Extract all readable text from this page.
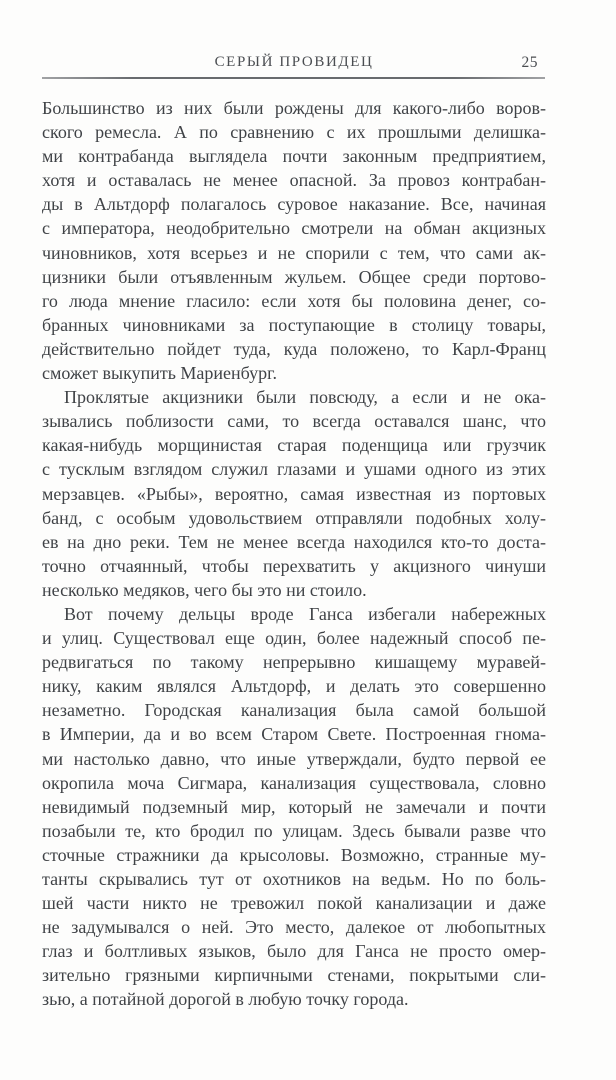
СЕРЫЙ ПРОВИДЕЦ	25
Большинство из них были рождены для какого-либо воров-
ского ремесла. А по сравнению с их прошлыми делишка-
ми контрабанда выглядела почти законным предприятием,
хотя и оставалась не менее опасной. За провоз контрабан-
ды в Альтдорф полагалось суровое наказание. Все, начиная
с императора, неодобрительно смотрели на обман акцизных
чиновников, хотя всерьез и не спорили с тем, что сами ак-
цизники были отъявленным жульем. Общее среди портово-
го люда мнение гласило: если хотя бы половина денег, со-
бранных чиновниками за поступающие в столицу товары,
действительно пойдет туда, куда положено, то Карл-Франц
сможет выкупить Мариенбург.
Проклятые акцизники были повсюду, а если и не ока-
зывались поблизости сами, то всегда оставался шанс, что
какая-нибудь морщинистая старая поденщица или грузчик
с тусклым взглядом служил глазами и ушами одного из этих
мерзавцев. «Рыбы», вероятно, самая известная из портовых
банд, с особым удовольствием отправляли подобных холу-
ев на дно реки. Тем не менее всегда находился кто-то доста-
точно отчаянный, чтобы перехватить у акцизного чинуши
несколько медяков, чего бы это ни стоило.
Вот почему дельцы вроде Ганса избегали набережных
и улиц. Существовал еще один, более надежный способ пе-
редвигаться по такому непрерывно кишащему муравей-
нику, каким являлся Альтдорф, и делать это совершенно
незаметно. Городская канализация была самой большой
в Империи, да и во всем Старом Свете. Построенная гнома-
ми настолько давно, что иные утверждали, будто первой ее
окропила моча Сигмара, канализация существовала, словно
невидимый подземный мир, который не замечали и почти
позабыли те, кто бродил по улицам. Здесь бывали разве что
сточные стражники да крысоловы. Возможно, странные му-
танты скрывались тут от охотников на ведьм. Но по боль-
шей части никто не тревожил покой канализации и даже
не задумывался о ней. Это место, далекое от любопытных
глаз и болтливых языков, было для Ганса не просто омер-
зительно грязными кирпичными стенами, покрытыми сли-
зью, а потайной дорогой в любую точку города.
